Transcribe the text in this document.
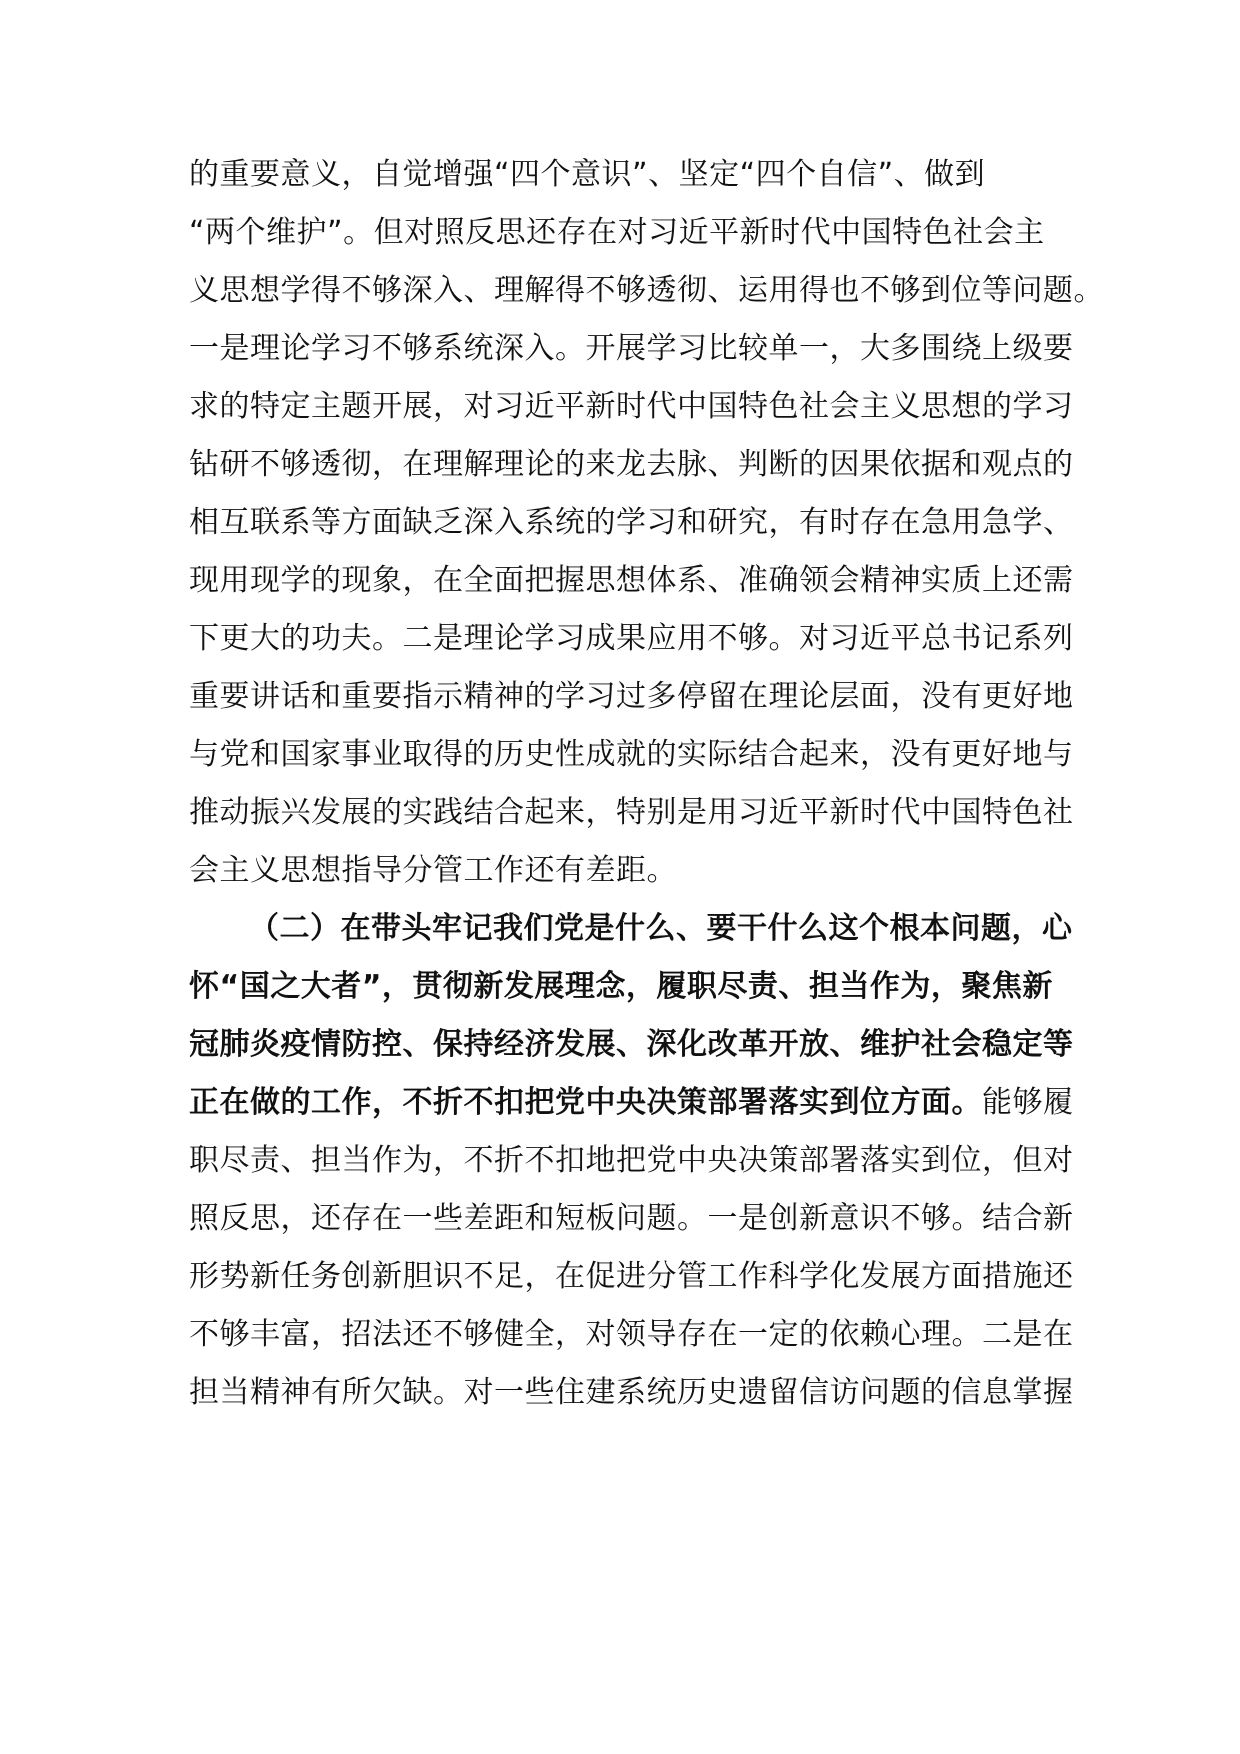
的重要意义，自觉增强“四个意识”、坚定“四个自信”、做到
“两个维护”。但对照反思还存在对习近平新时代中国特色社会主
义思想学得不够深入、理解得不够透彻、运用得也不够到位等问题。
一是理论学习不够系统深入。开展学习比较单一，大多围绕上级要
求的特定主题开展，对习近平新时代中国特色社会主义思想的学习
钻研不够透彻，在理解理论的来龙去脉、判断的因果依据和观点的
相互联系等方面缺乏深入系统的学习和研究，有时存在急用急学、
现用现学的现象，在全面把握思想体系、准确领会精神实质上还需
下更大的功夫。二是理论学习成果应用不够。对习近平总书记系列
重要讲话和重要指示精神的学习过多停留在理论层面，没有更好地
与党和国家事业取得的历史性成就的实际结合起来，没有更好地与
推动振兴发展的实践结合起来，特别是用习近平新时代中国特色社
会主义思想指导分管工作还有差距。
（二）在带头牢记我们党是什么、要干什么这个根本问题，心
怀“国之大者”，贯彻新发展理念，履职尽责、担当作为，聚焦新
冠肺炎疫情防控、保持经济发展、深化改革开放、维护社会稳定等
正在做的工作，不折不扣把党中央决策部署落实到位方面。能够履
职尽责、担当作为，不折不扣地把党中央决策部署落实到位，但对
照反思，还存在一些差距和短板问题。一是创新意识不够。结合新
形势新任务创新胆识不足，在促进分管工作科学化发展方面措施还
不够丰富，招法还不够健全，对领导存在一定的依赖心理。二是在
担当精神有所欠缺。对一些住建系统历史遗留信访问题的信息掌握
